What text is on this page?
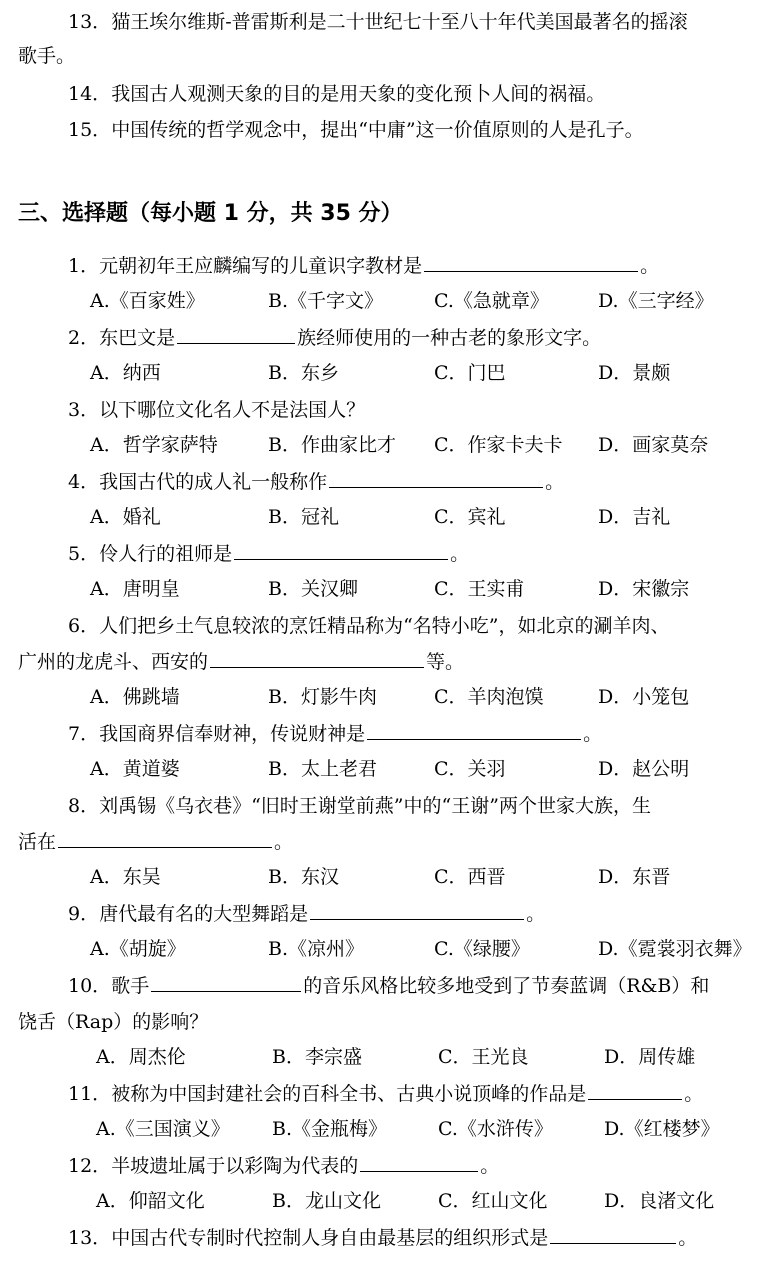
13．猫王埃尔维斯-普雷斯利是二十世纪七十至八十年代美国最著名的摇滚
歌手。
14．我国古人观测天象的目的是用天象的变化预卜人间的祸福。
15．中国传统的哲学观念中，提出“中庸”这一价值原则的人是孔子。
三、选择题（每小题 1 分，共 35 分）
1．元朝初年王应麟编写的儿童识字教材是	。
A.《百家姓》	B.《千字文》	C.《急就章》	D.《三字经》
2．东巴文是	族经师使用的一种古老的象形文字。
A．纳西	B．东乡	C．门巴	D．景颇
3．以下哪位文化名人不是法国人？
A．哲学家萨特	B．作曲家比才 C．作家卡夫卡 D．画家莫奈
4．我国古代的成人礼一般称作	。
A．婚礼	B．冠礼	C．宾礼	D．吉礼
5．伶人行的祖师是	。
A．唐明皇	B．关汉卿	C．王实甫	D．宋徽宗
6．人们把乡土气息较浓的烹饪精品称为“名特小吃”，如北京的涮羊肉、
广州的龙虎斗、西安的	等。
A．佛跳墙	B．灯影牛肉	C．羊肉泡馍	D．小笼包
7．我国商界信奉财神，传说财神是	。
A．黄道婆	B．太上老君	C．关羽	D．赵公明
8．刘禹锡《乌衣巷》“旧时王谢堂前燕”中的“王谢”两个世家大族，生
活在	。
A．东吴	B．东汉	C．西晋	D．东晋
9．唐代最有名的大型舞蹈是	。
A.《胡旋》	B.《凉州》	C.《绿腰》	D.《霓裳羽衣舞》
10．歌手	的音乐风格比较多地受到了节奏蓝调（R&B）和
饶舌（Rap）的影响？
A．周杰伦	B．李宗盛	C．王光良	D．周传雄
11．被称为中国封建社会的百科全书、古典小说顶峰的作品是	。
A.《三国演义》 B.《金瓶梅》	C.《水浒传》	D.《红楼梦》
12．半坡遗址属于以彩陶为代表的	。
A．仰韶文化	B．龙山文化	C．红山文化	D．良渚文化
13．中国古代专制时代控制人身自由最基层的组织形式是	。
